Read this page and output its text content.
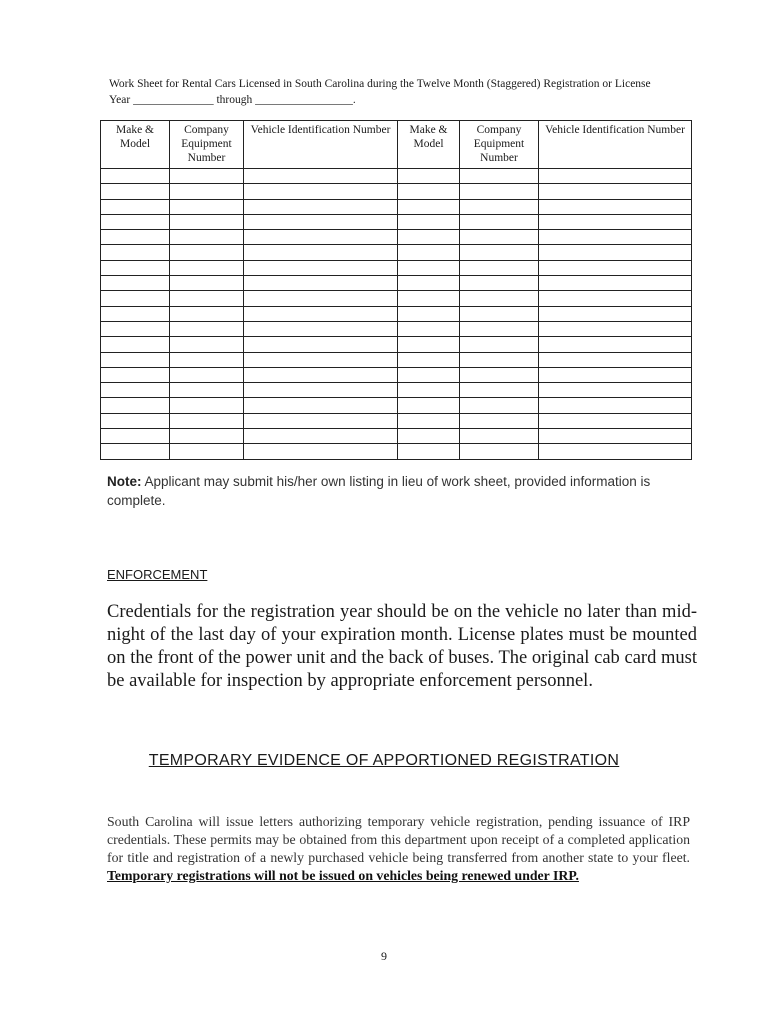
Work Sheet for Rental Cars Licensed in South Carolina during the Twelve Month (Staggered) Registration or License Year ______________ through _________________.
Make & Model	Company Equipment Number	Vehicle Identification Number	Make & Model	Company Equipment Number	Vehicle Identification Number

Note: Applicant may submit his/her own listing in lieu of work sheet, provided information is complete.
ENFORCEMENT
Credentials for the registration year should be on the vehicle no later than mid-night of the last day of your expiration month. License plates must be mounted on the front of the power unit and the back of buses. The original cab card must be available for inspection by appropriate enforcement personnel.
TEMPORARY EVIDENCE OF APPORTIONED REGISTRATION
South Carolina will issue letters authorizing temporary vehicle registration, pending issuance of IRP credentials. These permits may be obtained from this department upon receipt of a completed application for title and registration of a newly purchased vehicle being transferred from another state to your fleet. Temporary registrations will not be issued on vehicles being renewed under IRP.
9
